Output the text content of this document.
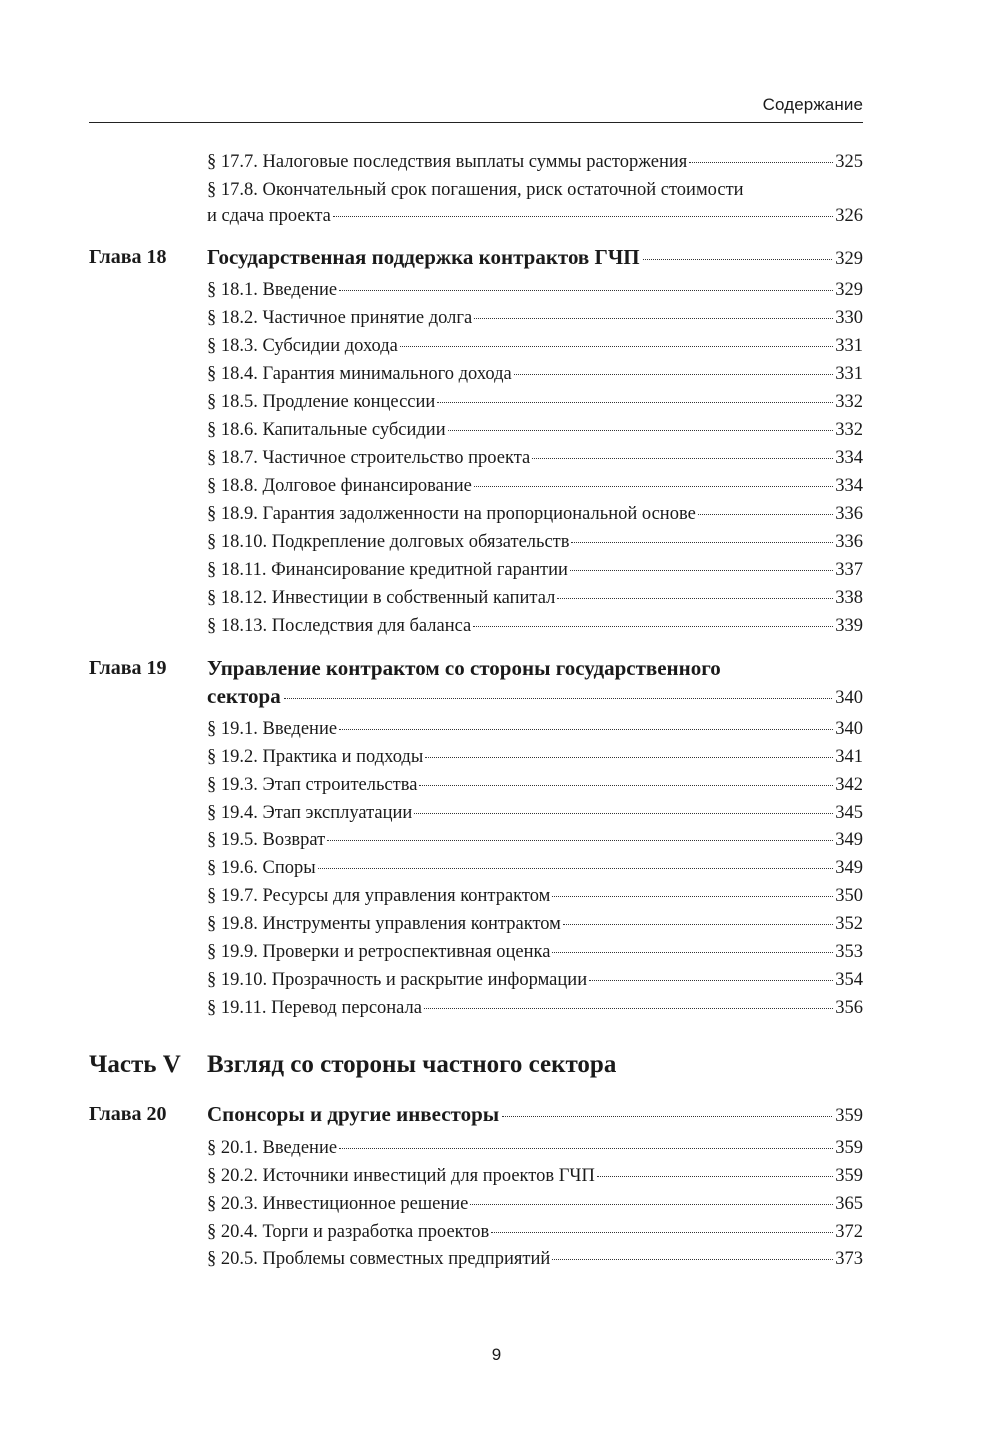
Содержание
§ 17.7. Налоговые последствия выплаты суммы расторжения	325
§ 17.8. Окончательный срок погашения, риск остаточной стоимости
и сдача проекта	326
Глава 18 Государственная поддержка контрактов ГЧП	329
§ 18.1. Введение	329
§ 18.2. Частичное принятие долга	330
§ 18.3. Субсидии дохода	331
§ 18.4. Гарантия минимального дохода	331
§ 18.5. Продление концессии	332
§ 18.6. Капитальные субсидии	332
§ 18.7. Частичное строительство проекта	334
§ 18.8. Долговое финансирование	334
§ 18.9. Гарантия задолженности на пропорциональной основе	336
§ 18.10. Подкрепление долговых обязательств	336
§ 18.11. Финансирование кредитной гарантии	337
§ 18.12. Инвестиции в собственный капитал	338
§ 18.13. Последствия для баланса	339
Глава 19 Управление контрактом со стороны государственного
сектора	340
§ 19.1. Введение	340
§ 19.2. Практика и подходы	341
§ 19.3. Этап строительства	342
§ 19.4. Этап эксплуатации	345
§ 19.5. Возврат	349
§ 19.6. Споры	349
§ 19.7. Ресурсы для управления контрактом	350
§ 19.8. Инструменты управления контрактом	352
§ 19.9. Проверки и ретроспективная оценка	353
§ 19.10. Прозрачность и раскрытие информации	354
§ 19.11. Перевод персонала	356
Часть V Взгляд со стороны частного сектора
Глава 20 Спонсоры и другие инвесторы	359
§ 20.1. Введение	359
§ 20.2. Источники инвестиций для проектов ГЧП	359
§ 20.3. Инвестиционное решение	365
§ 20.4. Торги и разработка проектов	372
§ 20.5. Проблемы совместных предприятий	373
9
